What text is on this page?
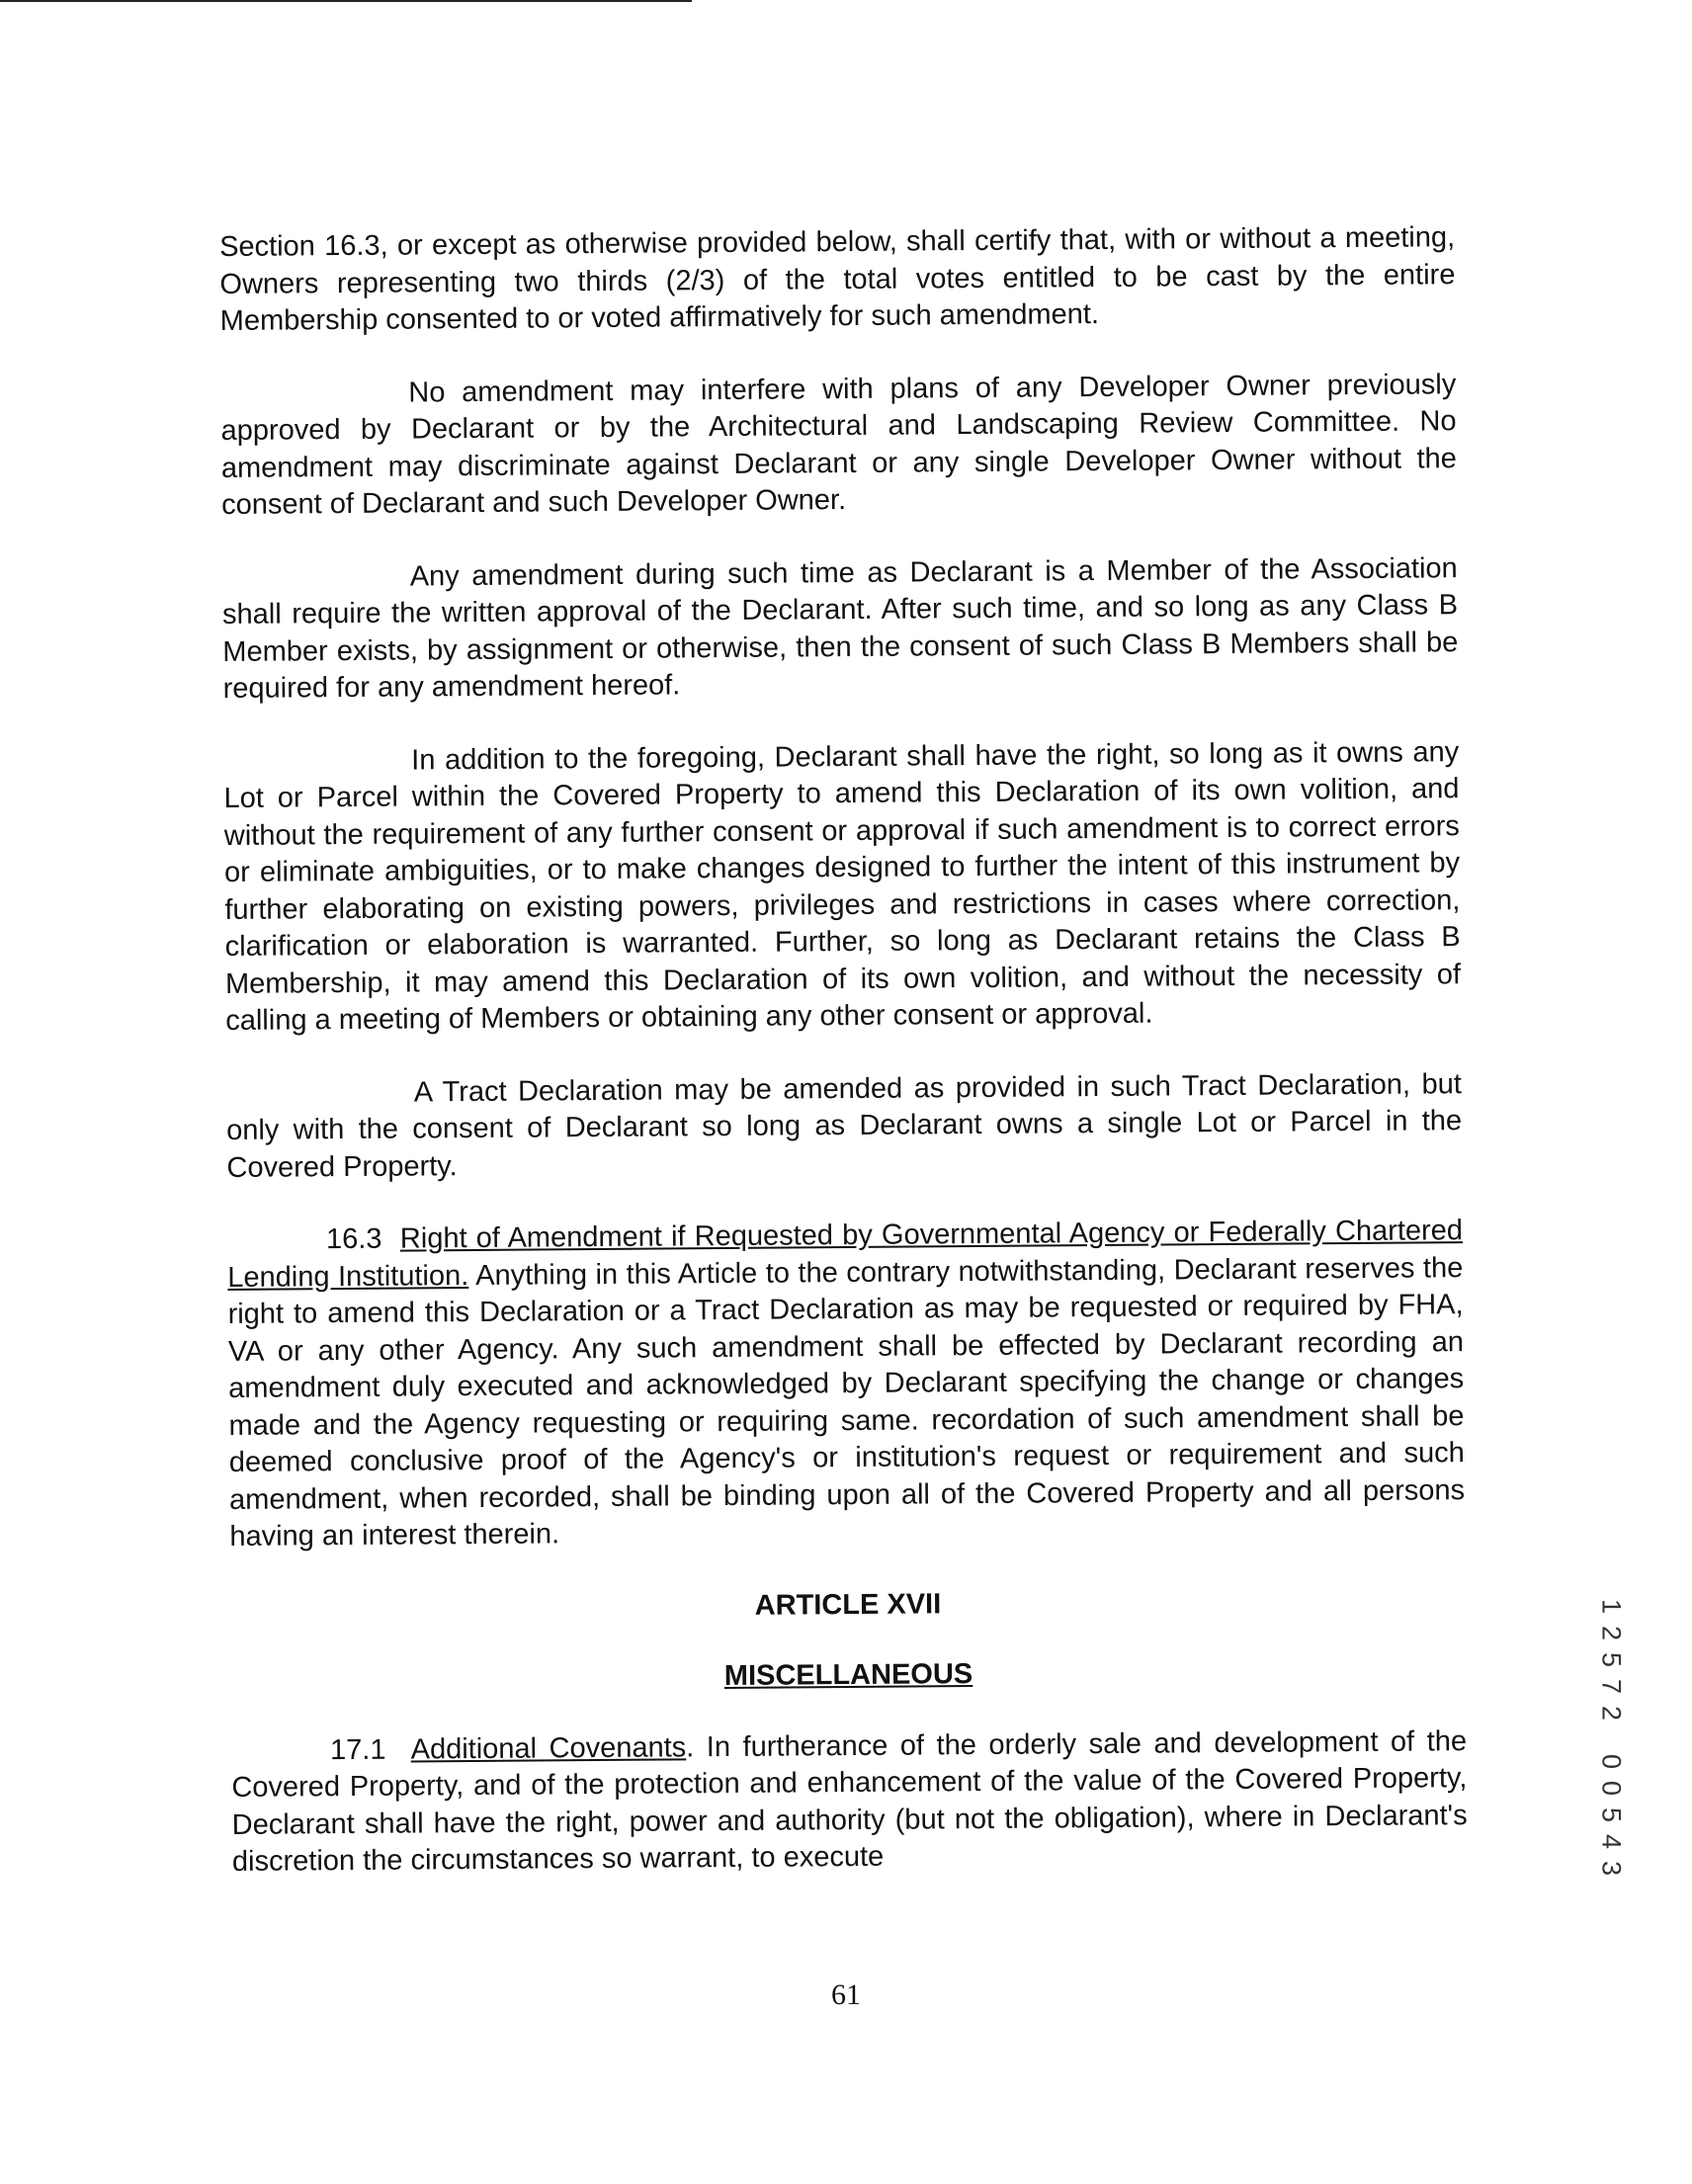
Section 16.3, or except as otherwise provided below, shall certify that, with or without a meeting, Owners representing two thirds (2/3) of the total votes entitled to be cast by the entire Membership consented to or voted affirmatively for such amendment.

No amendment may interfere with plans of any Developer Owner previously approved by Declarant or by the Architectural and Landscaping Review Committee. No amendment may discriminate against Declarant or any single Developer Owner without the consent of Declarant and such Developer Owner.

Any amendment during such time as Declarant is a Member of the Association shall require the written approval of the Declarant. After such time, and so long as any Class B Member exists, by assignment or otherwise, then the consent of such Class B Members shall be required for any amendment hereof.

In addition to the foregoing, Declarant shall have the right, so long as it owns any Lot or Parcel within the Covered Property to amend this Declaration of its own volition, and without the requirement of any further consent or approval if such amendment is to correct errors or eliminate ambiguities, or to make changes designed to further the intent of this instrument by further elaborating on existing powers, privileges and restrictions in cases where correction, clarification or elaboration is warranted. Further, so long as Declarant retains the Class B Membership, it may amend this Declaration of its own volition, and without the necessity of calling a meeting of Members or obtaining any other consent or approval.

A Tract Declaration may be amended as provided in such Tract Declaration, but only with the consent of Declarant so long as Declarant owns a single Lot or Parcel in the Covered Property.

16.3 Right of Amendment if Requested by Governmental Agency or Federally Chartered Lending Institution. Anything in this Article to the contrary notwithstanding, Declarant reserves the right to amend this Declaration or a Tract Declaration as may be requested or required by FHA, VA or any other Agency. Any such amendment shall be effected by Declarant recording an amendment duly executed and acknowledged by Declarant specifying the change or changes made and the Agency requesting or requiring same. recordation of such amendment shall be deemed conclusive proof of the Agency's or institution's request or requirement and such amendment, when recorded, shall be binding upon all of the Covered Property and all persons having an interest therein.

ARTICLE XVII

MISCELLANEOUS

17.1 Additional Covenants. In furtherance of the orderly sale and development of the Covered Property, and of the protection and enhancement of the value of the Covered Property, Declarant shall have the right, power and authority (but not the obligation), where in Declarant's discretion the circumstances so warrant, to execute

61
1
2
5
7
2
0
0
5
4
3
